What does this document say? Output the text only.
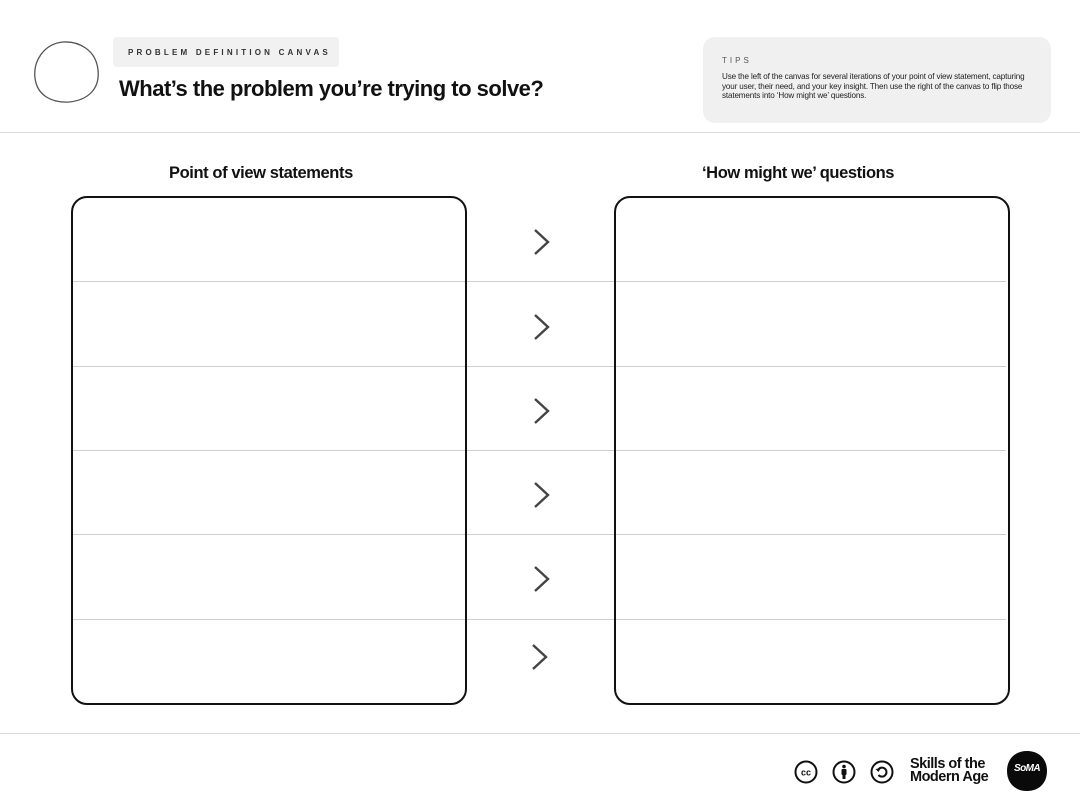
PROBLEM DEFINITION CANVAS
What’s the problem you’re trying to solve?
TIPS
Use the left of the canvas for several iterations of your point of view statement, capturing your user, their need, and your key insight. Then use the right of the canvas to flip those statements into ‘How might we’ questions.
Point of view statements	‘How might we’ questions
cc
Skills of the
Modern Age
SoMA
